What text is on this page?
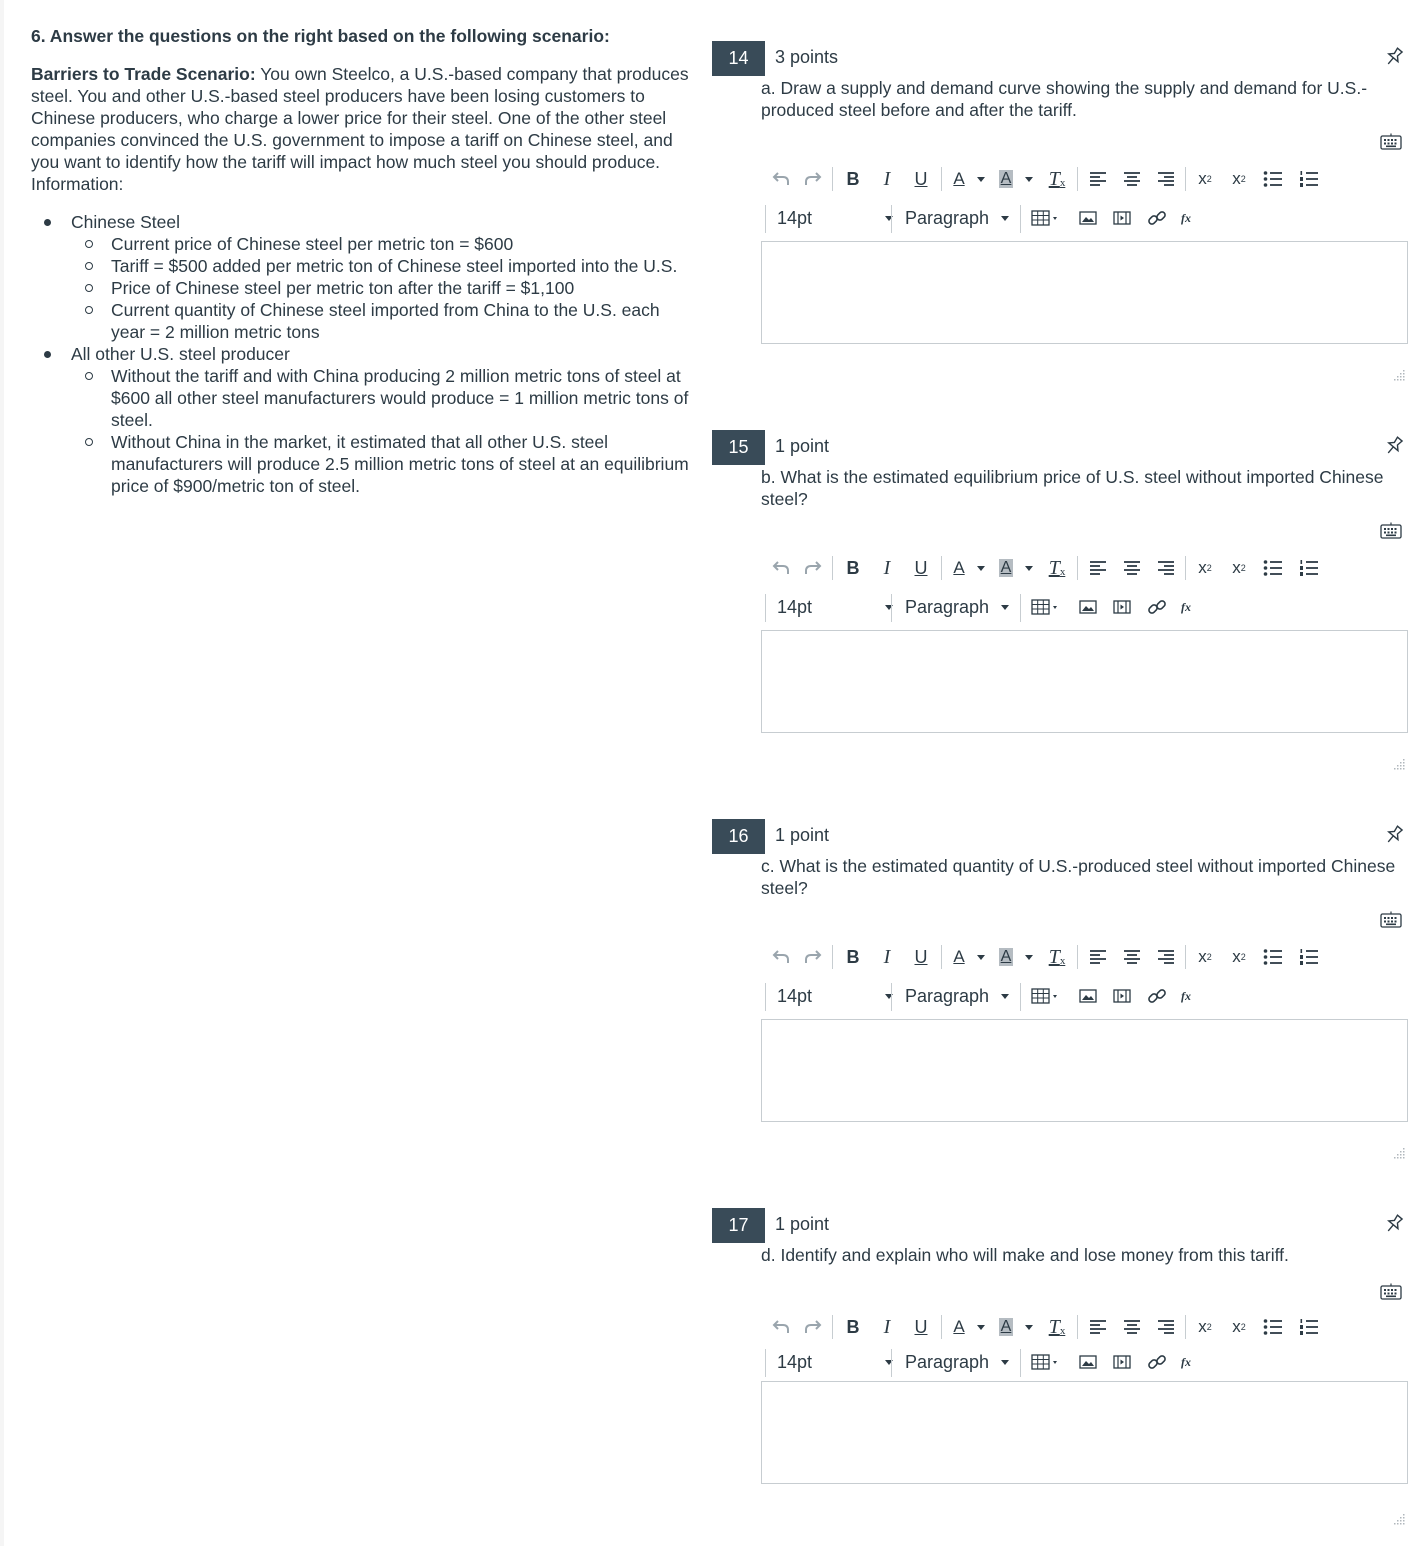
6. Answer the questions on the right based on the following scenario:

Barriers to Trade Scenario: You own Steelco, a U.S.-based company that produces steel. You and other U.S.-based steel producers have been losing customers to Chinese producers, who charge a lower price for their steel. One of the other steel companies convinced the U.S. government to impose a tariff on Chinese steel, and you want to identify how the tariff will impact how much steel you should produce. Information:

Chinese Steel
Current price of Chinese steel per metric ton = $600
Tariff = $500 added per metric ton of Chinese steel imported into the U.S.
Price of Chinese steel per metric ton after the tariff = $1,100
Current quantity of Chinese steel imported from China to the U.S. each year = 2 million metric tons
All other U.S. steel producer
Without the tariff and with China producing 2 million metric tons of steel at $600 all other steel manufacturers would produce = 1 million metric tons of steel.
Without China in the market, it estimated that all other U.S. steel manufacturers will produce 2.5 million metric tons of steel at an equilibrium price of $900/metric ton of steel.
14	3 points
a. Draw a supply and demand curve showing the supply and demand for U.S.-produced steel before and after the tariff.
B	I	U	A	A T x	x 2 x 2
14pt	Paragraph	fx
15	1 point
b. What is the estimated equilibrium price of U.S. steel without imported Chinese steel?
B	I	U	A	A T x	x 2 x 2
14pt	Paragraph	fx
16	1 point
c. What is the estimated quantity of U.S.-produced steel without imported Chinese steel?
B	I	U	A	A T x	x 2 x 2
14pt	Paragraph	fx
17	1 point
d. Identify and explain who will make and lose money from this tariff.
B	I	U	A	A T x	x 2 x 2
14pt	Paragraph	fx
